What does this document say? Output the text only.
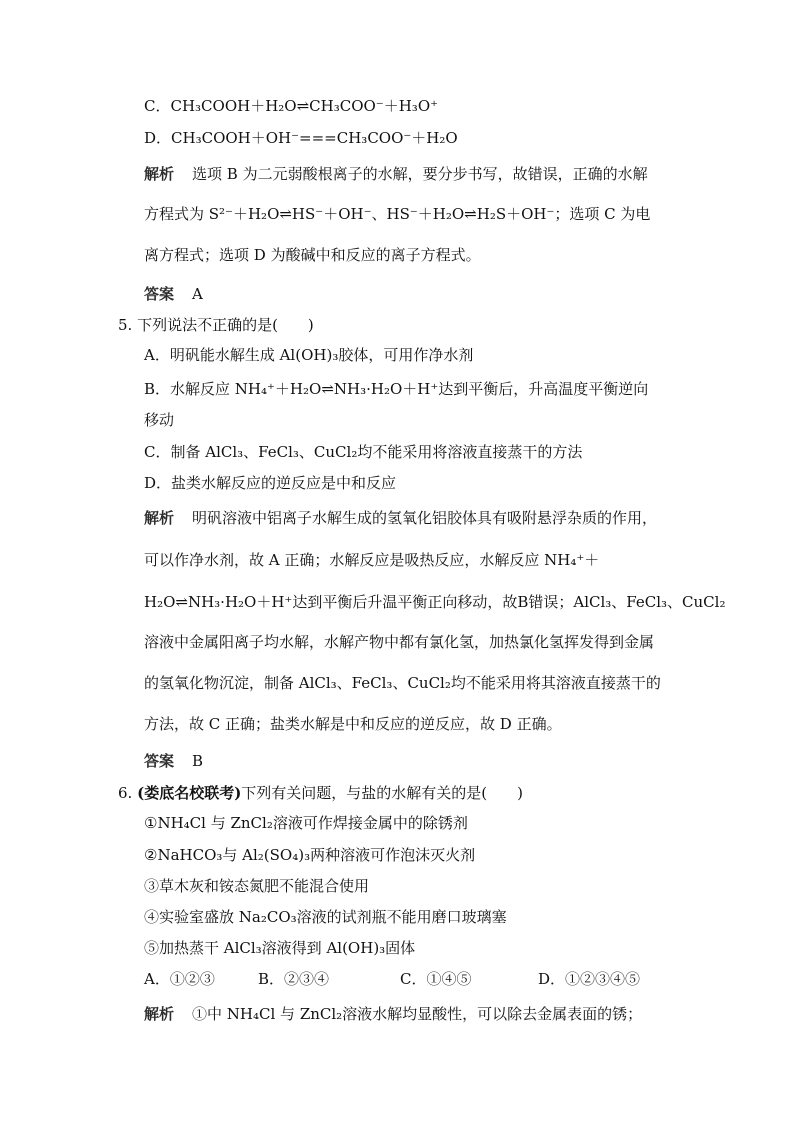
C．CH₃COOH＋H₂O⇌CH₃COO⁻＋H₃O⁺
D．CH₃COOH＋OH⁻===CH₃COO⁻＋H₂O
解析 选项 B 为二元弱酸根离子的水解，要分步书写，故错误，正确的水解
方程式为 S²⁻＋H₂O⇌HS⁻＋OH⁻、HS⁻＋H₂O⇌H₂S＋OH⁻；选项 C 为电
离方程式；选项 D 为酸碱中和反应的离子方程式。
答案 A
5. 下列说法不正确的是(　　)
A．明矾能水解生成 Al(OH)₃胶体，可用作净水剂
B．水解反应 NH₄⁺＋H₂O⇌NH₃·H₂O＋H⁺达到平衡后，升高温度平衡逆向
移动
C．制备 AlCl₃、FeCl₃、CuCl₂均不能采用将溶液直接蒸干的方法
D．盐类水解反应的逆反应是中和反应
解析 明矾溶液中铝离子水解生成的氢氧化铝胶体具有吸附悬浮杂质的作用，
可以作净水剂，故 A 正确；水解反应是吸热反应，水解反应 NH₄⁺＋
H₂O⇌NH₃·H₂O＋H⁺达到平衡后升温平衡正向移动，故B错误；AlCl₃、FeCl₃、CuCl₂
溶液中金属阳离子均水解，水解产物中都有氯化氢，加热氯化氢挥发得到金属
的氢氧化物沉淀，制备 AlCl₃、FeCl₃、CuCl₂均不能采用将其溶液直接蒸干的
方法，故 C 正确；盐类水解是中和反应的逆反应，故 D 正确。
答案 B
6. (娄底名校联考)下列有关问题，与盐的水解有关的是(　　)
①NH₄Cl 与 ZnCl₂溶液可作焊接金属中的除锈剂
②NaHCO₃与 Al₂(SO₄)₃两种溶液可作泡沫灭火剂
③草木灰和铵态氮肥不能混合使用
④实验室盛放 Na₂CO₃溶液的试剂瓶不能用磨口玻璃塞
⑤加热蒸干 AlCl₃溶液得到 Al(OH)₃固体
A．①②③	B．②③④	C．①④⑤	D．①②③④⑤
解析 ①中 NH₄Cl 与 ZnCl₂溶液水解均显酸性，可以除去金属表面的锈；
